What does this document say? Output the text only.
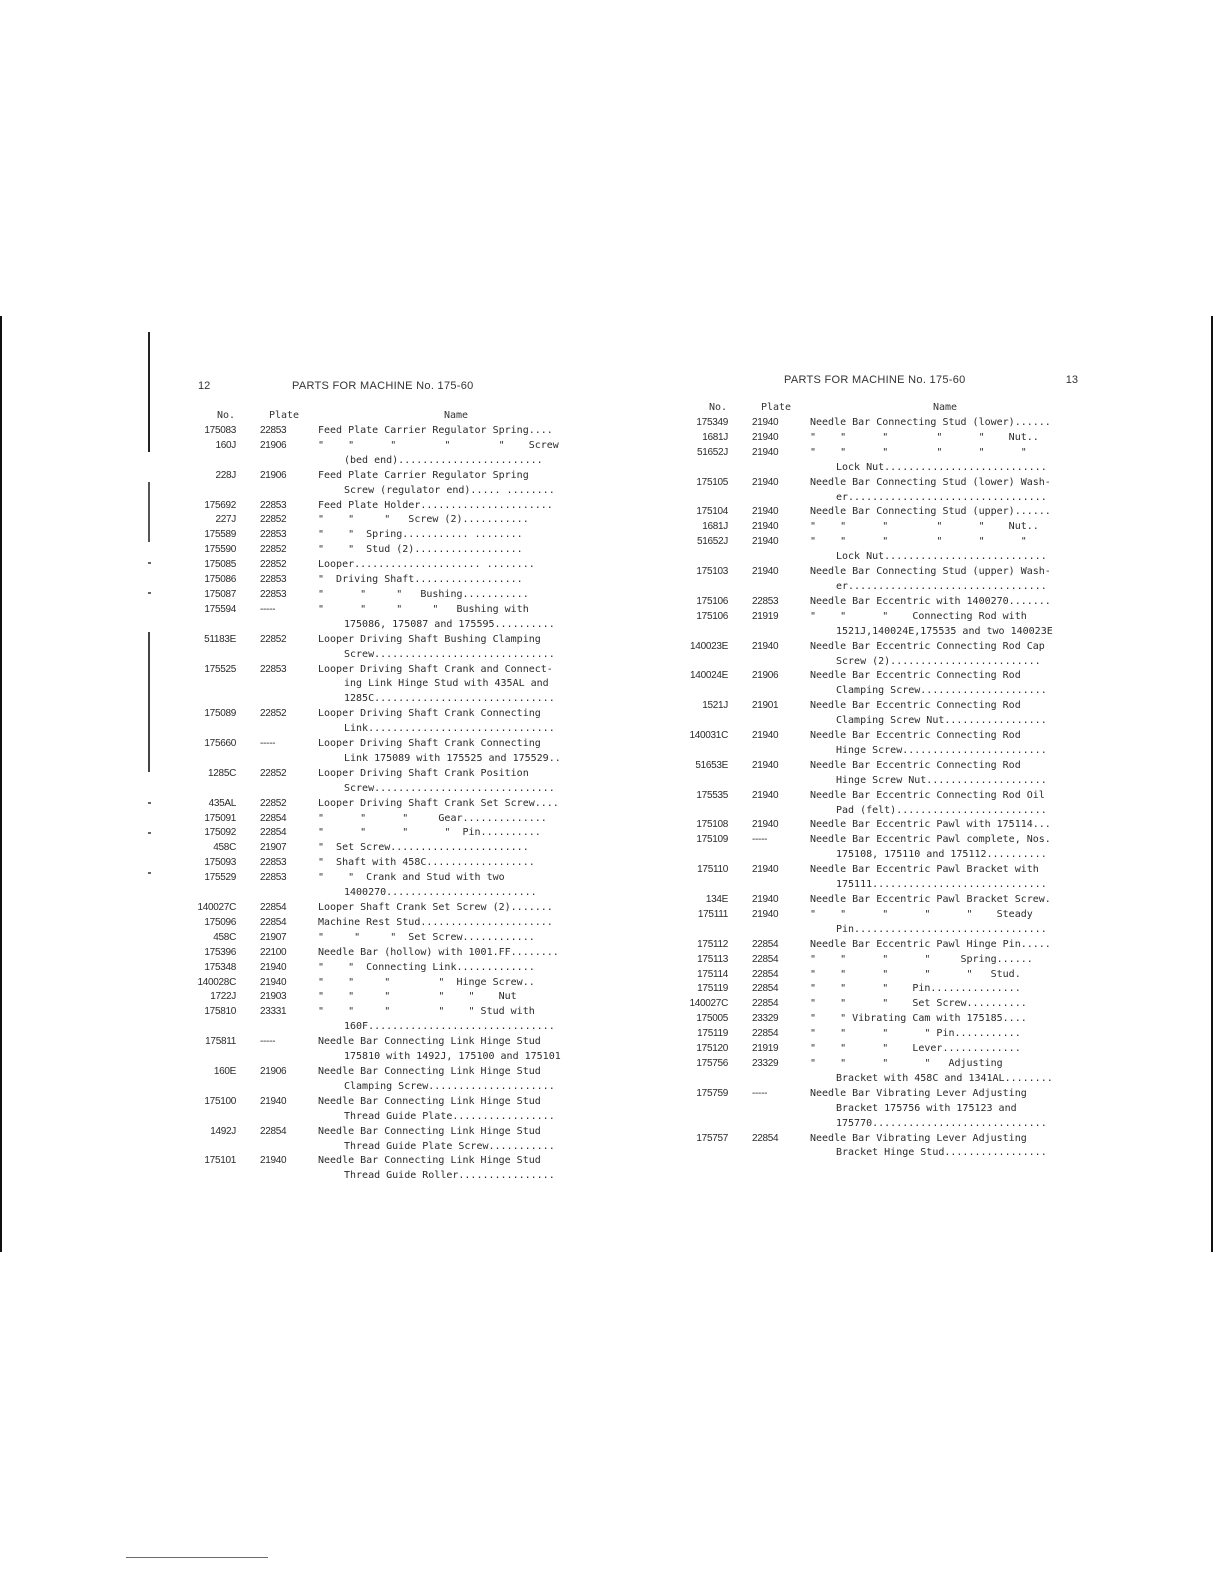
12	PARTS FOR MACHINE No. 175-60
No.	Plate	Name
175083	22853	Feed Plate Carrier Regulator Spring....
160J	21906	"    "      "        "        "    Screw
(bed end)........................
228J	21906	Feed Plate Carrier Regulator Spring
Screw (regulator end)..... ........
175692	22853	Feed Plate Holder......................
227J	22852	"    "     "   Screw (2)...........
175589	22853	"    "  Spring........... ........
175590	22852	"    "  Stud (2)..................
175085	22852	Looper..................... ........
175086	22853	"  Driving Shaft..................
175087	22853	"      "     "   Bushing...........
175594	-----	"      "     "     "   Bushing with
175086, 175087 and 175595..........
51183E	22852	Looper Driving Shaft Bushing Clamping
Screw..............................
175525	22853	Looper Driving Shaft Crank and Connect-
ing Link Hinge Stud with 435AL and
1285C..............................
175089	22852	Looper Driving Shaft Crank Connecting
Link...............................
175660	-----	Looper Driving Shaft Crank Connecting
Link 175089 with 175525 and 175529..
1285C	22852	Looper Driving Shaft Crank Position
Screw..............................
435AL	22852	Looper Driving Shaft Crank Set Screw....
175091	22854	"      "      "     Gear..............
175092	22854	"      "      "      "  Pin..........
458C	21907	"  Set Screw.......................
175093	22853	"  Shaft with 458C..................
175529	22853	"    "  Crank and Stud with two
1400270.........................
140027C	22854	Looper Shaft Crank Set Screw (2).......
175096	22854	Machine Rest Stud......................
458C	21907	"     "     "  Set Screw............
175396	22100	Needle Bar (hollow) with 1001.FF........
175348	21940	"    "  Connecting Link.............
140028C	21940	"    "     "        "  Hinge Screw..
1722J	21903	"    "     "        "    "    Nut
175810	23331	"    "     "        "    " Stud with
160F...............................
175811	-----	Needle Bar Connecting Link Hinge Stud
175810 with 1492J, 175100 and 175101
160E	21906	Needle Bar Connecting Link Hinge Stud
Clamping Screw.....................
175100	21940	Needle Bar Connecting Link Hinge Stud
Thread Guide Plate.................
1492J	22854	Needle Bar Connecting Link Hinge Stud
Thread Guide Plate Screw...........
175101	21940	Needle Bar Connecting Link Hinge Stud
Thread Guide Roller................
PARTS FOR MACHINE No. 175-60	13
No.	Plate	Name
175349	21940	Needle Bar Connecting Stud (lower)......
1681J	21940	"    "      "        "      "    Nut..
51652J	21940	"    "      "        "      "      "
Lock Nut...........................
175105	21940	Needle Bar Connecting Stud (lower) Wash-
er.................................
175104	21940	Needle Bar Connecting Stud (upper)......
1681J	21940	"    "      "        "      "    Nut..
51652J	21940	"    "      "        "      "      "
Lock Nut...........................
175103	21940	Needle Bar Connecting Stud (upper) Wash-
er.................................
175106	22853	Needle Bar Eccentric with 1400270.......
175106	21919	"    "      "    Connecting Rod with
1521J,140024E,175535 and two 140023E
140023E	21940	Needle Bar Eccentric Connecting Rod Cap
Screw (2).........................
140024E	21906	Needle Bar Eccentric Connecting Rod
Clamping Screw.....................
1521J	21901	Needle Bar Eccentric Connecting Rod
Clamping Screw Nut.................
140031C	21940	Needle Bar Eccentric Connecting Rod
Hinge Screw........................
51653E	21940	Needle Bar Eccentric Connecting Rod
Hinge Screw Nut....................
175535	21940	Needle Bar Eccentric Connecting Rod Oil
Pad (felt).........................
175108	21940	Needle Bar Eccentric Pawl with 175114...
175109	-----	Needle Bar Eccentric Pawl complete, Nos.
175108, 175110 and 175112..........
175110	21940	Needle Bar Eccentric Pawl Bracket with
175111.............................
134E	21940	Needle Bar Eccentric Pawl Bracket Screw.
175111	21940	"    "      "      "      "    Steady
Pin................................
175112	22854	Needle Bar Eccentric Pawl Hinge Pin.....
175113	22854	"    "      "      "     Spring......
175114	22854	"    "      "      "      "   Stud.
175119	22854	"    "      "    Pin...............
140027C	22854	"    "      "    Set Screw..........
175005	23329	"    " Vibrating Cam with 175185....
175119	22854	"    "      "      " Pin...........
175120	21919	"    "      "    Lever.............
175756	23329	"    "      "      "   Adjusting
Bracket with 458C and 1341AL........
175759	-----	Needle Bar Vibrating Lever Adjusting
Bracket 175756 with 175123 and
175770.............................
175757	22854	Needle Bar Vibrating Lever Adjusting
Bracket Hinge Stud.................
